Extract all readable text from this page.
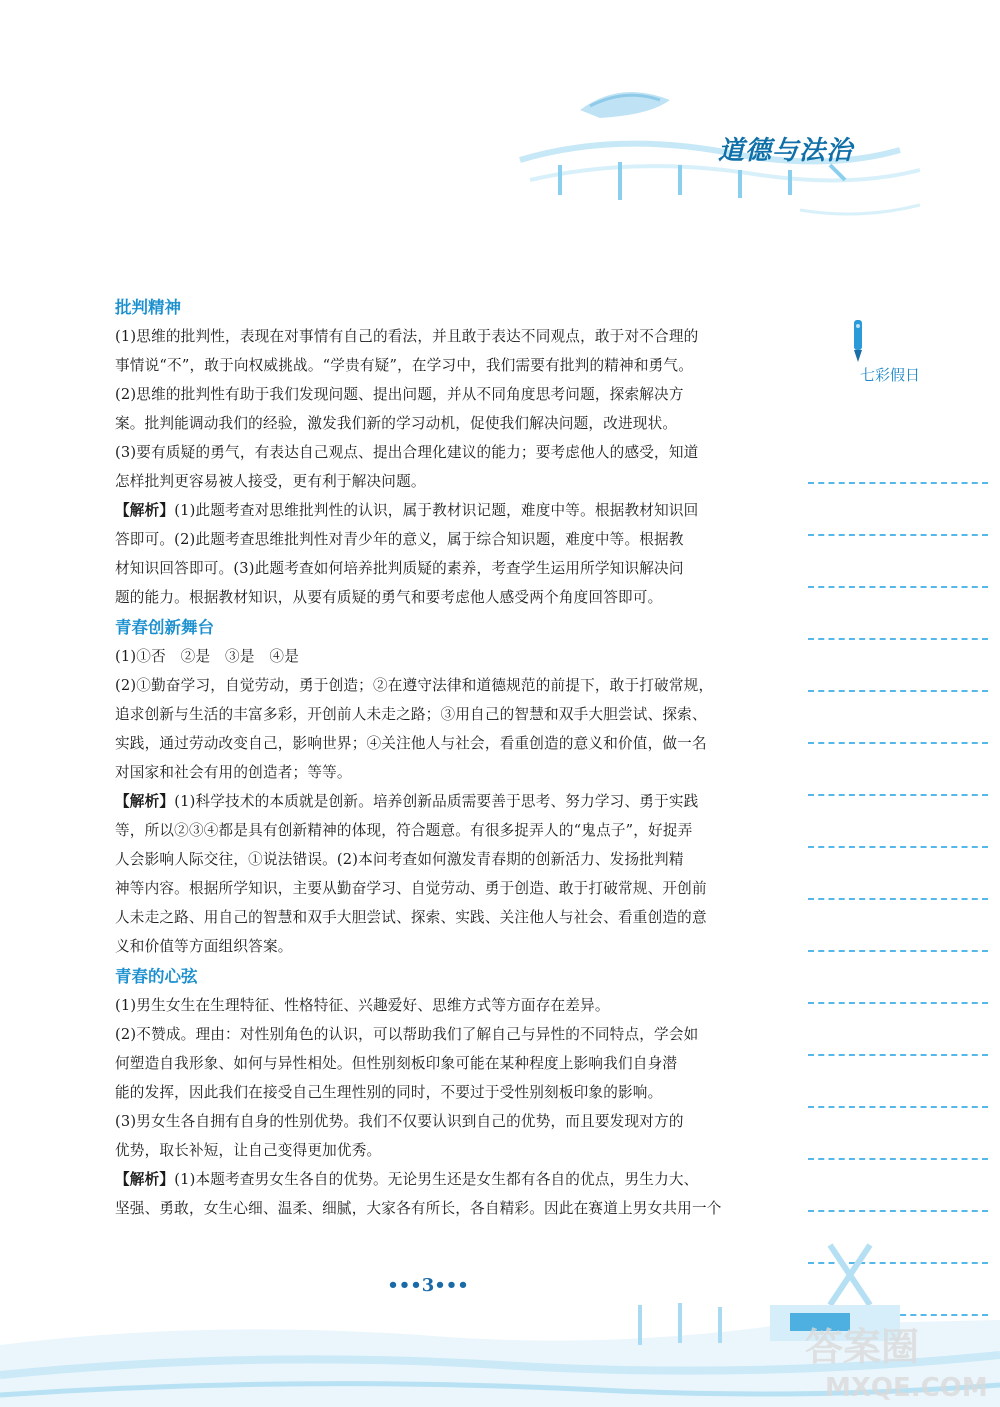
道德与法治
七彩假日
批判精神
(1)思维的批判性，表现在对事情有自己的看法，并且敢于表达不同观点，敢于对不合理的
事情说“不”，敢于向权威挑战。“学贵有疑”，在学习中，我们需要有批判的精神和勇气。
(2)思维的批判性有助于我们发现问题、提出问题，并从不同角度思考问题，探索解决方
案。批判能调动我们的经验，激发我们新的学习动机，促使我们解决问题，改进现状。
(3)要有质疑的勇气，有表达自己观点、提出合理化建议的能力；要考虑他人的感受，知道
怎样批判更容易被人接受，更有利于解决问题。
【解析】(1)此题考查对思维批判性的认识，属于教材识记题，难度中等。根据教材知识回
答即可。(2)此题考查思维批判性对青少年的意义，属于综合知识题，难度中等。根据教
材知识回答即可。(3)此题考查如何培养批判质疑的素养，考查学生运用所学知识解决问
题的能力。根据教材知识，从要有质疑的勇气和要考虑他人感受两个角度回答即可。
青春创新舞台
(1)①否　②是　③是　④是
(2)①勤奋学习，自觉劳动，勇于创造；②在遵守法律和道德规范的前提下，敢于打破常规，
追求创新与生活的丰富多彩，开创前人未走之路；③用自己的智慧和双手大胆尝试、探索、
实践，通过劳动改变自己，影响世界；④关注他人与社会，看重创造的意义和价值，做一名
对国家和社会有用的创造者；等等。
【解析】(1)科学技术的本质就是创新。培养创新品质需要善于思考、努力学习、勇于实践
等，所以②③④都是具有创新精神的体现，符合题意。有很多捉弄人的“鬼点子”，好捉弄
人会影响人际交往，①说法错误。(2)本问考查如何激发青春期的创新活力、发扬批判精
神等内容。根据所学知识，主要从勤奋学习、自觉劳动、勇于创造、敢于打破常规、开创前
人未走之路、用自己的智慧和双手大胆尝试、探索、实践、关注他人与社会、看重创造的意
义和价值等方面组织答案。
青春的心弦
(1)男生女生在生理特征、性格特征、兴趣爱好、思维方式等方面存在差异。
(2)不赞成。理由：对性别角色的认识，可以帮助我们了解自己与异性的不同特点，学会如
何塑造自我形象、如何与异性相处。但性别刻板印象可能在某种程度上影响我们自身潜
能的发挥，因此我们在接受自己生理性别的同时，不要过于受性别刻板印象的影响。
(3)男女生各自拥有自身的性别优势。我们不仅要认识到自己的优势，而且要发现对方的
优势，取长补短，让自己变得更加优秀。
【解析】(1)本题考查男女生各自的优势。无论男生还是女生都有各自的优点，男生力大、
坚强、勇敢，女生心细、温柔、细腻，大家各有所长，各自精彩。因此在赛道上男女共用一个
•••3•••
答案圈
MXQE.COM
